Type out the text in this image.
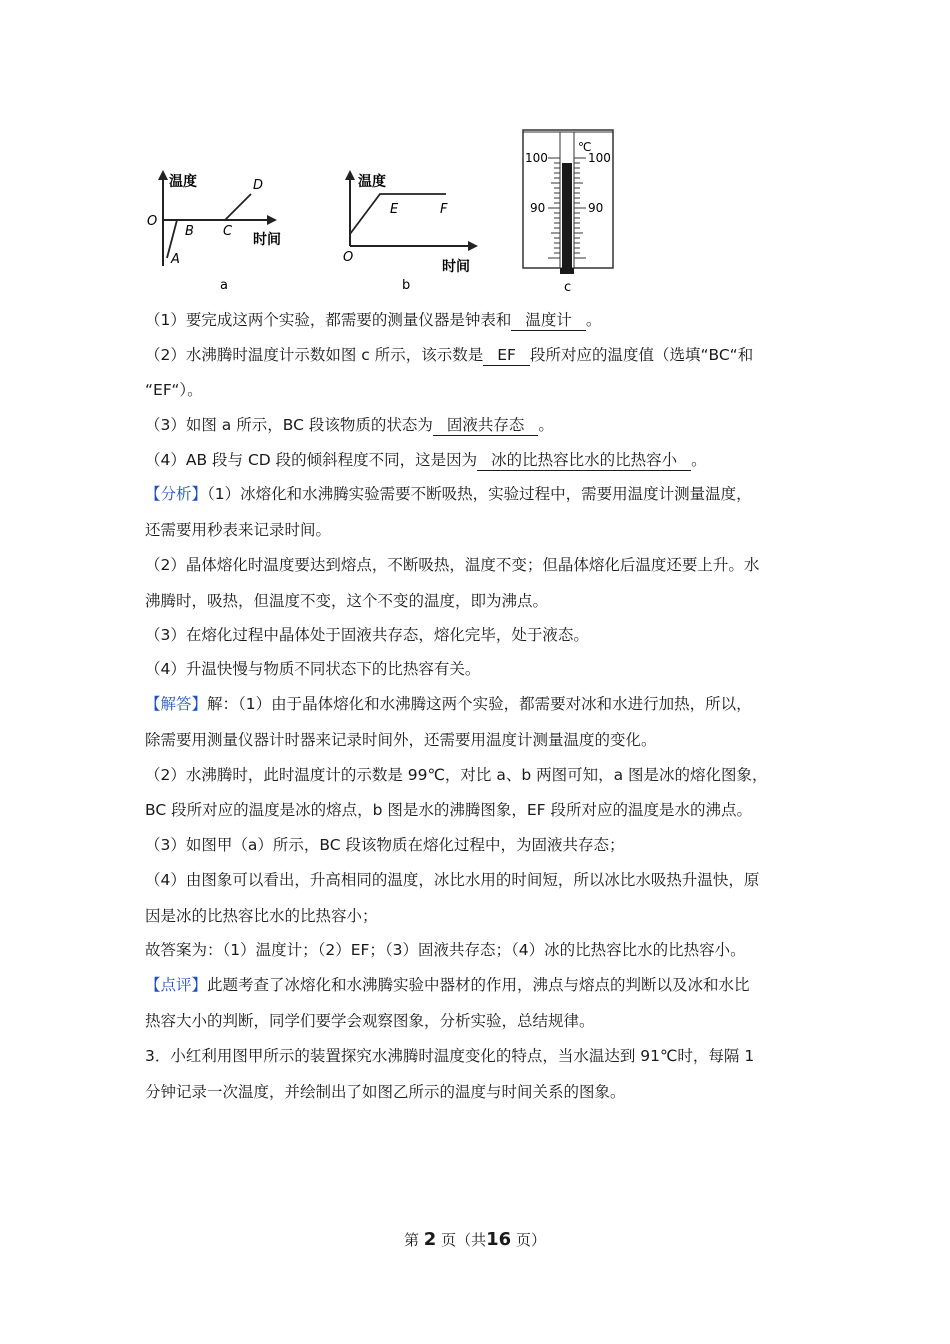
温度
时间
O
A
B C
D
a
温度
时间
O
E	F
b
℃
100	100
90	90
c
（1）要完成这两个实验，都需要的测量仪器是钟表和 温度计 。
（2）水沸腾时温度计示数如图 c 所示，该示数是 EF 段所对应的温度值（选填“BC“和
“EF“）。
（3）如图 a 所示，BC 段该物质的状态为 固液共存态 。
（4）AB 段与 CD 段的倾斜程度不同，这是因为 冰的比热容比水的比热容小 。
【分析】（1）冰熔化和水沸腾实验需要不断吸热，实验过程中，需要用温度计测量温度，
还需要用秒表来记录时间。
（2）晶体熔化时温度要达到熔点，不断吸热，温度不变；但晶体熔化后温度还要上升。水
沸腾时，吸热，但温度不变，这个不变的温度，即为沸点。
（3）在熔化过程中晶体处于固液共存态，熔化完毕，处于液态。
（4）升温快慢与物质不同状态下的比热容有关。
【解答】解：（1）由于晶体熔化和水沸腾这两个实验，都需要对冰和水进行加热，所以，
除需要用测量仪器计时器来记录时间外，还需要用温度计测量温度的变化。
（2）水沸腾时，此时温度计的示数是 99℃，对比 a、b 两图可知，a 图是冰的熔化图象，
BC 段所对应的温度是冰的熔点，b 图是水的沸腾图象，EF 段所对应的温度是水的沸点。
（3）如图甲（a）所示，BC 段该物质在熔化过程中，为固液共存态；
（4）由图象可以看出，升高相同的温度，冰比水用的时间短，所以冰比水吸热升温快，原
因是冰的比热容比水的比热容小；
故答案为：（1）温度计；（2）EF；（3）固液共存态；（4）冰的比热容比水的比热容小。
【点评】此题考查了冰熔化和水沸腾实验中器材的作用，沸点与熔点的判断以及冰和水比
热容大小的判断，同学们要学会观察图象，分析实验，总结规律。
3．小红利用图甲所示的装置探究水沸腾时温度变化的特点，当水温达到 91℃时，每隔 1
分钟记录一次温度，并绘制出了如图乙所示的温度与时间关系的图象。
第 2 页（共16 页）
